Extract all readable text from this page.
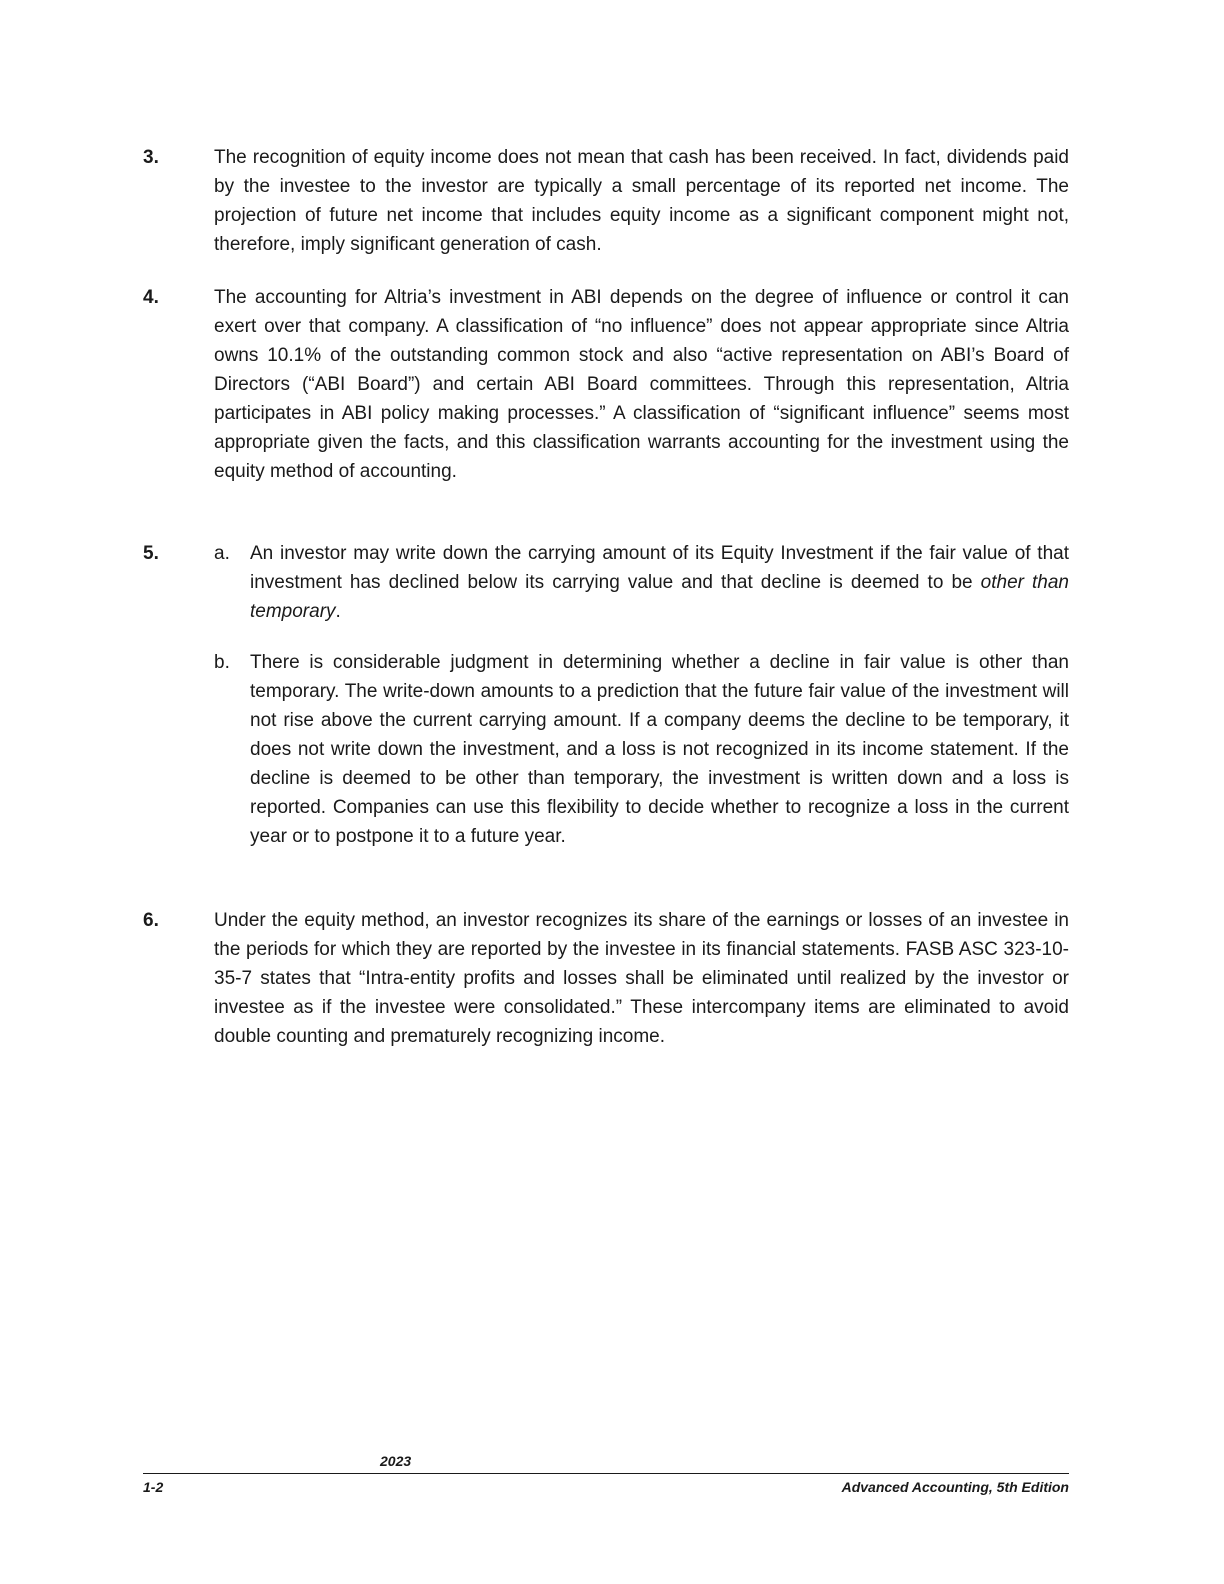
3.	The recognition of equity income does not mean that cash has been received. In fact, dividends paid by the investee to the investor are typically a small percentage of its reported net income. The projection of future net income that includes equity income as a significant component might not, therefore, imply significant generation of cash.
4.	The accounting for Altria’s investment in ABI depends on the degree of influence or control it can exert over that company. A classification of “no influence” does not appear appropriate since Altria owns 10.1% of the outstanding common stock and also “active representation on ABI’s Board of Directors (“ABI Board”) and certain ABI Board committees. Through this representation, Altria participates in ABI policy making processes.” A classification of “significant influence” seems most appropriate given the facts, and this classification warrants accounting for the investment using the equity method of accounting.
5.	a. An investor may write down the carrying amount of its Equity Investment if the fair value of that investment has declined below its carrying value and that decline is deemed to be other than temporary.
b. There is considerable judgment in determining whether a decline in fair value is other than temporary. The write-down amounts to a prediction that the future fair value of the investment will not rise above the current carrying amount. If a company deems the decline to be temporary, it does not write down the investment, and a loss is not recognized in its income statement. If the decline is deemed to be other than temporary, the investment is written down and a loss is reported. Companies can use this flexibility to decide whether to recognize a loss in the current year or to postpone it to a future year.
6.	Under the equity method, an investor recognizes its share of the earnings or losses of an investee in the periods for which they are reported by the investee in its financial statements. FASB ASC 323-10-35-7 states that “Intra-entity profits and losses shall be eliminated until realized by the investor or investee as if the investee were consolidated.” These intercompany items are eliminated to avoid double counting and prematurely recognizing income.
2023
1-2	Advanced Accounting, 5th Edition
